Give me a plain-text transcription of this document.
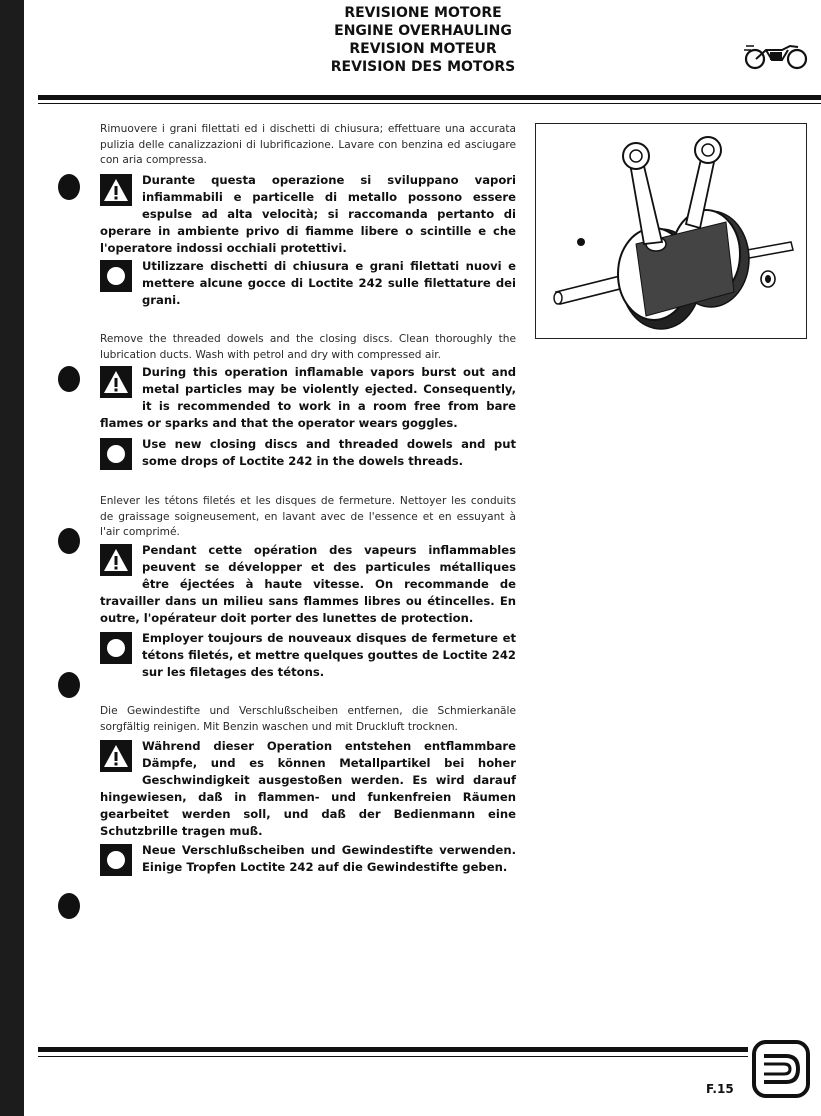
REVISIONE MOTORE
ENGINE OVERHAULING
REVISION MOTEUR
REVISION DES MOTORS

Rimuovere i grani filettati ed i dischetti di chiusura; effettuare una accurata pulizia delle canalizzazioni di lubrificazione. Lavare con benzina ed asciugare con aria compressa.

Durante questa operazione si sviluppano vapori infiammabili e particelle di metallo possono essere espulse ad alta velocità; si raccomanda pertanto di operare in ambiente privo di fiamme libere o scintille e che l'operatore indossi occhiali protettivi.

Utilizzare dischetti di chiusura e grani filettati nuovi e mettere alcune gocce di Loctite 242 sulle filettature dei grani.

Remove the threaded dowels and the closing discs. Clean thoroughly the lubrication ducts. Wash with petrol and dry with compressed air.

During this operation inflamable vapors burst out and metal particles may be violently ejected. Consequently, it is recommended to work in a room free from bare flames or sparks and that the operator wears goggles.

Use new closing discs and threaded dowels and put some drops of Loctite 242 in the dowels threads.

Enlever les tétons filetés et les disques de fermeture. Nettoyer les conduits de graissage soigneusement, en lavant avec de l'essence et en essuyant à l'air comprimé.

Pendant cette opération des vapeurs inflammables peuvent se développer et des particules métalliques être éjectées à haute vitesse. On recommande de travailler dans un milieu sans flammes libres ou étincelles. En outre, l'opérateur doit porter des lunettes de protection.

Employer toujours de nouveaux disques de fermeture et tétons filetés, et mettre quelques gouttes de Loctite 242 sur les filetages des tétons.

Die Gewindestifte und Verschlußscheiben entfernen, die Schmierkanäle sorgfältig reinigen. Mit Benzin waschen und mit Druckluft trocknen.

Während dieser Operation entstehen entflammbare Dämpfe, und es können Metallpartikel bei hoher Geschwindigkeit ausgestoßen werden. Es wird darauf hingewiesen, daß in flammen- und funkenfreien Räumen gearbeitet werden soll, und daß der Bedienmann eine Schutzbrille tragen muß.

Neue Verschlußscheiben und Gewindestifte verwenden. Einige Tropfen Loctite 242 auf die Gewindestifte geben.

F.15
